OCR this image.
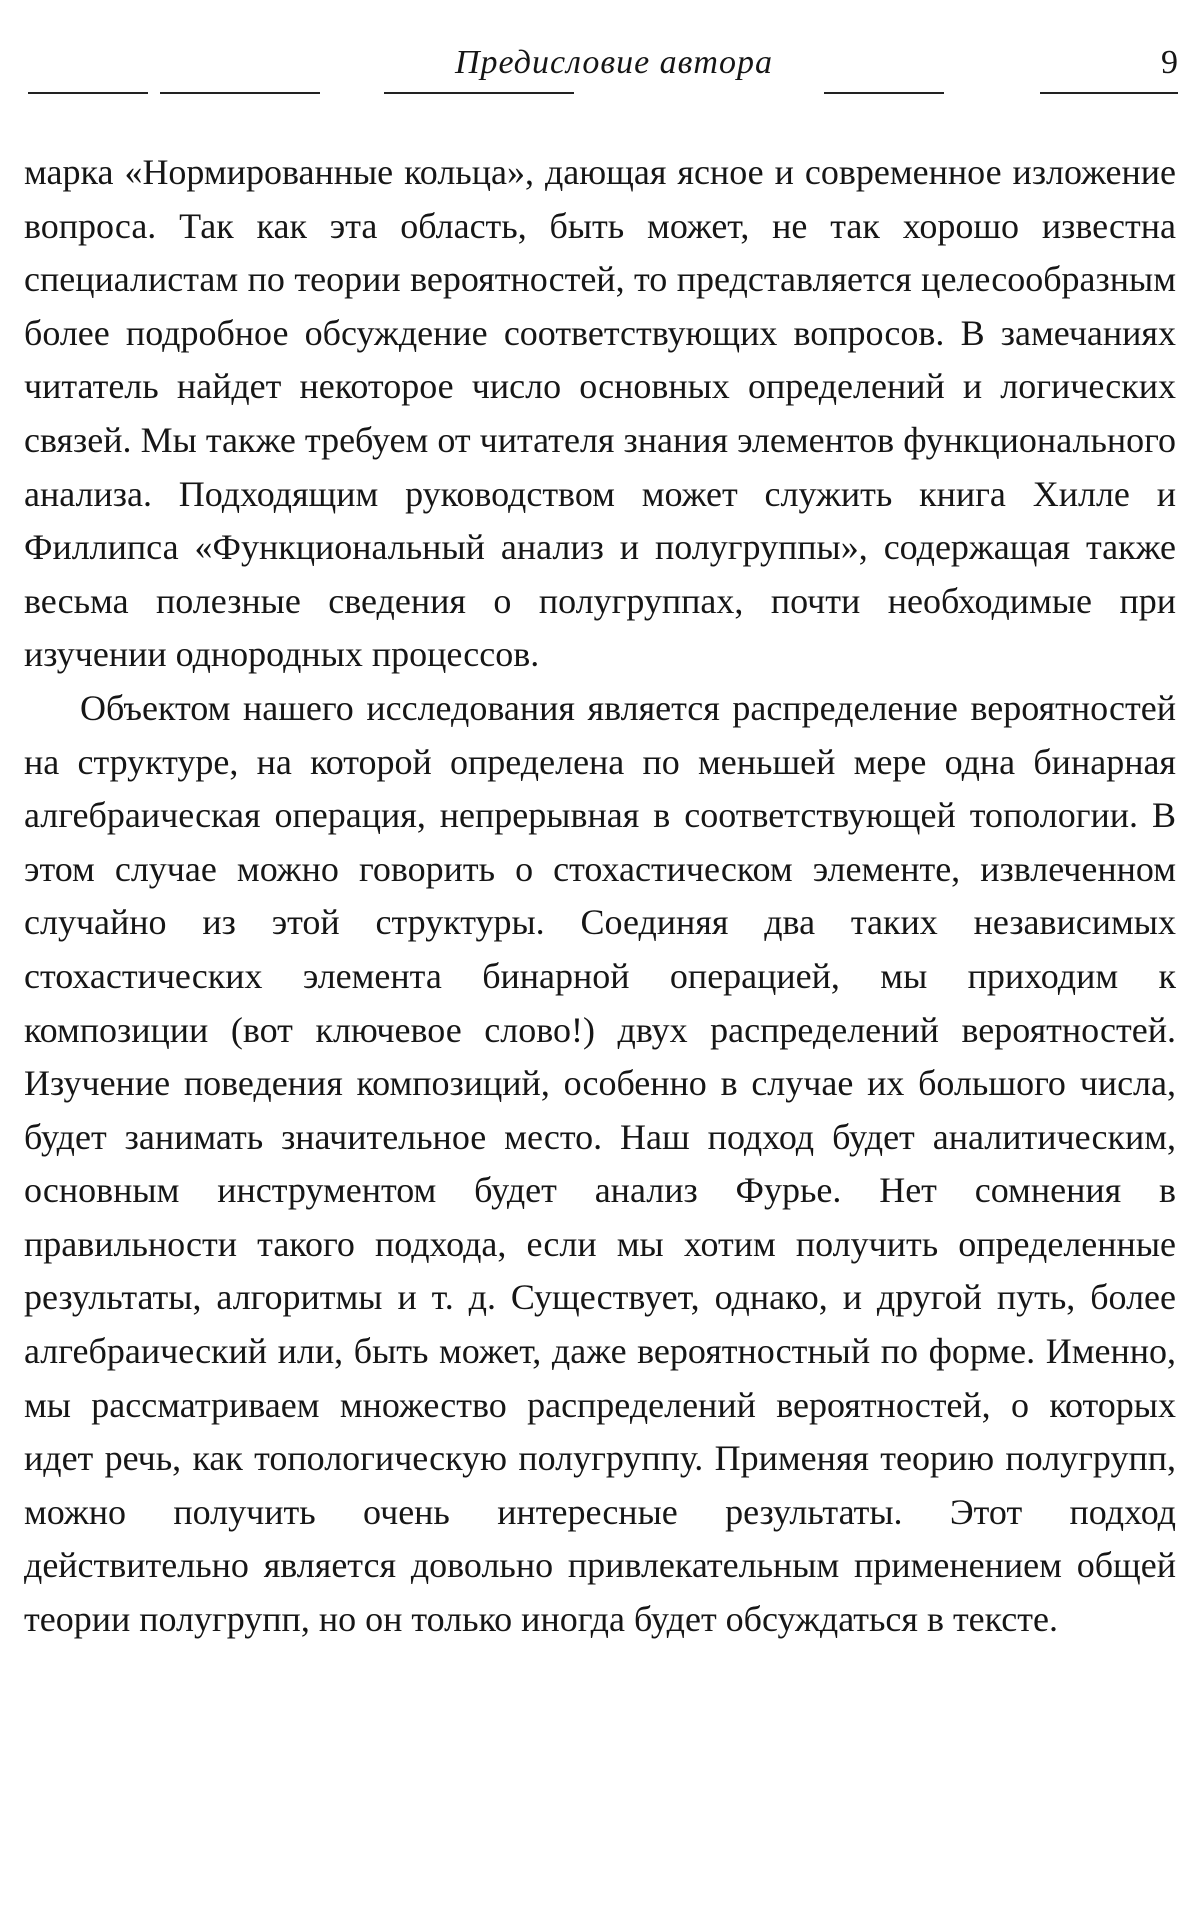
Предисловие автора	9

марка «Нормированные кольца», дающая ясное и современное изложение вопроса. Так как эта область, быть может, не так хорошо известна специалистам по теории вероятностей, то представляется целесообразным более подробное обсуждение соответствующих вопросов. В замечаниях читатель найдет некоторое число основных определений и логических связей. Мы также требуем от читателя знания элементов функционального анализа. Подходящим руководством может служить книга Хилле и Филлипса «Функциональный анализ и полугруппы», содержащая также весьма полезные сведения о полугруппах, почти необходимые при изучении однородных процессов.

Объектом нашего исследования является распределение вероятностей на структуре, на которой определена по меньшей мере одна бинарная алгебраическая операция, непрерывная в соответствующей топологии. В этом случае можно говорить о стохастическом элементе, извлеченном случайно из этой структуры. Соединяя два таких независимых стохастических элемента бинарной операцией, мы приходим к композиции (вот ключевое слово!) двух распределений вероятностей. Изучение поведения композиций, особенно в случае их большого числа, будет занимать значительное место. Наш подход будет аналитическим, основным инструментом будет анализ Фурье. Нет сомнения в правильности такого подхода, если мы хотим получить определенные результаты, алгоритмы и т. д. Существует, однако, и другой путь, более алгебраический или, быть может, даже вероятностный по форме. Именно, мы рассматриваем множество распределений вероятностей, о которых идет речь, как топологическую полугруппу. Применяя теорию полугрупп, можно получить очень интересные результаты. Этот подход действительно является довольно привлекательным применением общей теории полугрупп, но он только иногда будет обсуждаться в тексте.
